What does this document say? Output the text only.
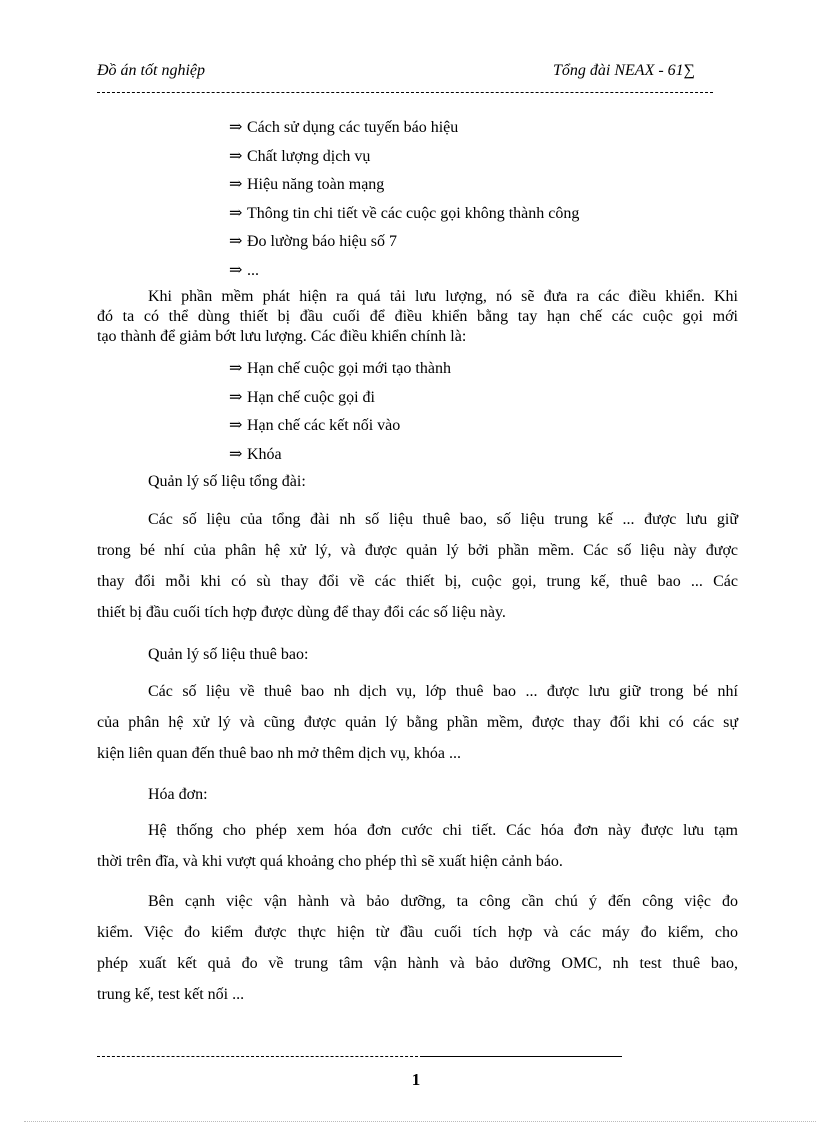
Đồ án tốt nghiệp	Tổng đài NEAX - 61∑
⇒ Cách sử dụng các tuyến báo hiệu
⇒ Chất lượng dịch vụ
⇒ Hiệu năng toàn mạng
⇒ Thông tin chi tiết về các cuộc gọi không thành công
⇒ Đo lường báo hiệu số 7
⇒ ...
Khi phần mềm phát hiện ra quá tải lưu lượng, nó sẽ đưa ra các điều khiển. Khi
đó ta có thể dùng thiết bị đầu cuối để điều khiển bằng tay hạn chế các cuộc gọi mới
tạo thành để giảm bớt lưu lượng. Các điều khiển chính là:
⇒ Hạn chế cuộc gọi mới tạo thành
⇒ Hạn chế cuộc gọi đi
⇒ Hạn chế các kết nối vào
⇒ Khóa
Quản lý số liệu tổng đài:
Các số liệu của tổng đài nh số liệu thuê bao, số liệu trung kế ... được lưu giữ
trong bé nhí của phân hệ xử lý, và được quản lý bởi phần mềm. Các số liệu này được
thay đổi mỗi khi có sù thay đổi về các thiết bị, cuộc gọi, trung kế, thuê bao ... Các
thiết bị đầu cuối tích hợp được dùng để thay đổi các số liệu này.
Quản lý số liệu thuê bao:
Các số liệu về thuê bao nh dịch vụ, lớp thuê bao ... được lưu giữ trong bé nhí
của phân hệ xử lý và cũng được quản lý bằng phần mềm, được thay đổi khi có các sự
kiện liên quan đến thuê bao nh mở thêm dịch vụ, khóa ...
Hóa đơn:
Hệ thống cho phép xem hóa đơn cước chi tiết. Các hóa đơn này được lưu tạm
thời trên đĩa, và khi vượt quá khoảng cho phép thì sẽ xuất hiện cảnh báo.
Bên cạnh việc vận hành và bảo dưỡng, ta công cần chú ý đến công việc đo
kiểm. Việc đo kiểm được thực hiện từ đầu cuối tích hợp và các máy đo kiểm, cho
phép xuất kết quả đo về trung tâm vận hành và bảo dưỡng OMC, nh test thuê bao,
trung kế, test kết nối ...
1
